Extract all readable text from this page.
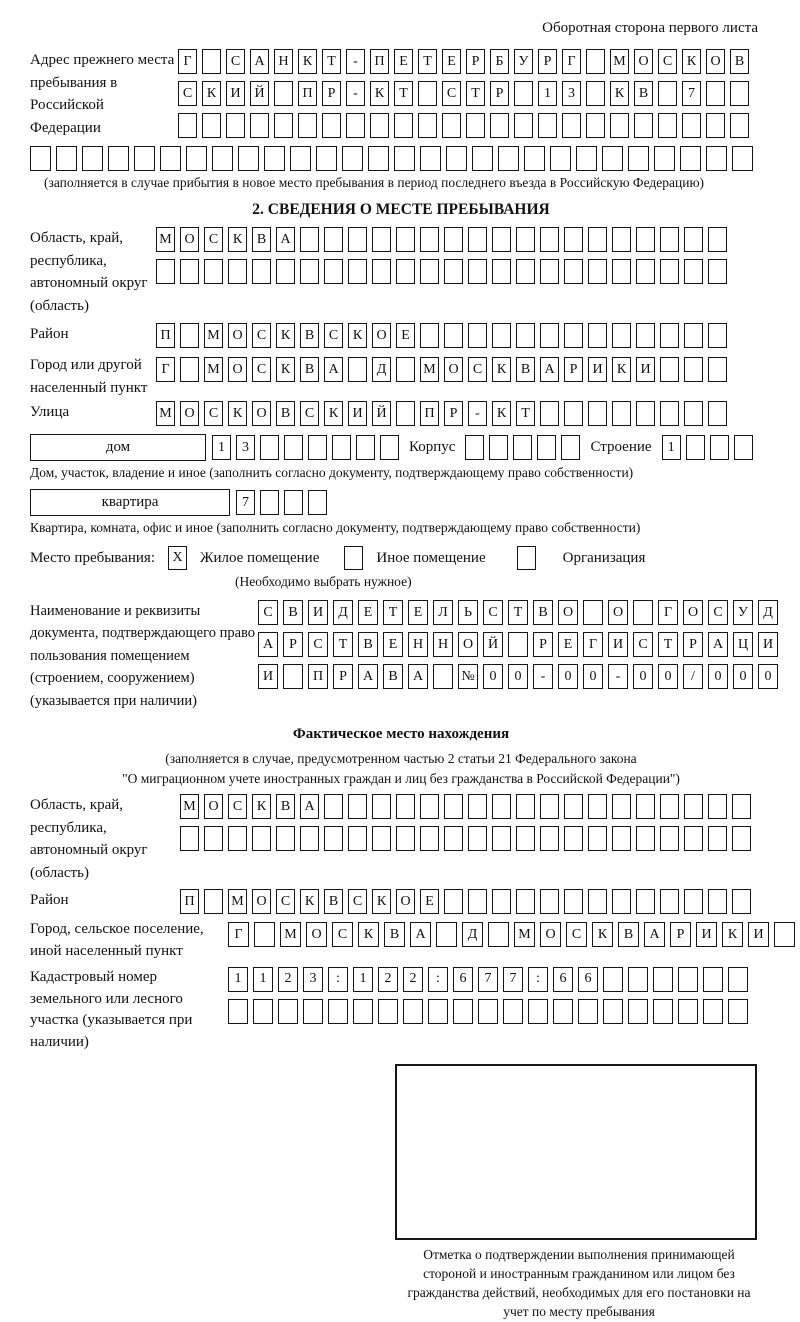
Оборотная сторона первого листа
Адрес прежнего места пребывания в Российской Федерации
Г	С	А Н	К	Т	-	П	Е	Т	Е	Р	Б	У	Р	Г	М О	С	К	О	В
С	К	И Й	П	Р	-	К	Т	С	Т	Р	1	3	К	В	7
(заполняется в случае прибытия в новое место пребывания в период последнего въезда в Российскую Федерацию)
2. СВЕДЕНИЯ О МЕСТЕ ПРЕБЫВАНИЯ
Область, край, республика, автономный округ (область)
М О	С	К	В	А
Район	П	М О	С	К	В	С	К	О	Е
Город или другой населенный пункт
Г	М О	С	К	В	А	Д	М О	С	К	В	А	Р	И	К	И
Улица	М О	С	К	О	В	С	К	И Й	П	Р	-	К	Т
дом	1	3	Корпус	Строение	1
Дом, участок, владение и иное (заполнить согласно документу, подтверждающему право собственности)
квартира	7
Квартира, комната, офис и иное (заполнить согласно документу, подтверждающему право собственности)
Место пребывания:	X Жилое помещение	Иное помещение	Организация
(Необходимо выбрать нужное)
Наименование и реквизиты документа, подтверждающего право пользования помещением (строением, сооружением) (указывается при наличии)
С	В	И	Д	Е	Т	Е	Л	Ь	С	Т	В	О	О	Г	О	С	У	Д
А	Р	С	Т	В	Е	Н	Н	О	Й	Р	Е	Г	И	С	Т	Р	А	Ц	И
И	П	Р	А	В	А	№	0	0	-	0	0	-	0	0	/	0	0	0
Фактическое место нахождения
(заполняется в случае, предусмотренном частью 2 статьи 21 Федерального закона
"О миграционном учете иностранных граждан и лиц без гражданства в Российской Федерации")
Область, край, республика, автономный округ (область)
М О	С	К	В	А
Район	П	М О	С	К	В	С	К	О	Е
Город, сельское поселение, иной населенный пункт
Г	М	О	С	К	В	А	Д	М	О	С	К	В	А	Р	И	К	И
Кадастровый номер земельного или лесного участка (указывается при наличии)
1	1	2	3	:	1	2	2	:	6	7	7	:	6	6
Отметка о подтверждении выполнения принимающей стороной и иностранным гражданином или лицом без гражданства действий, необходимых для его постановки на учет по месту пребывания
